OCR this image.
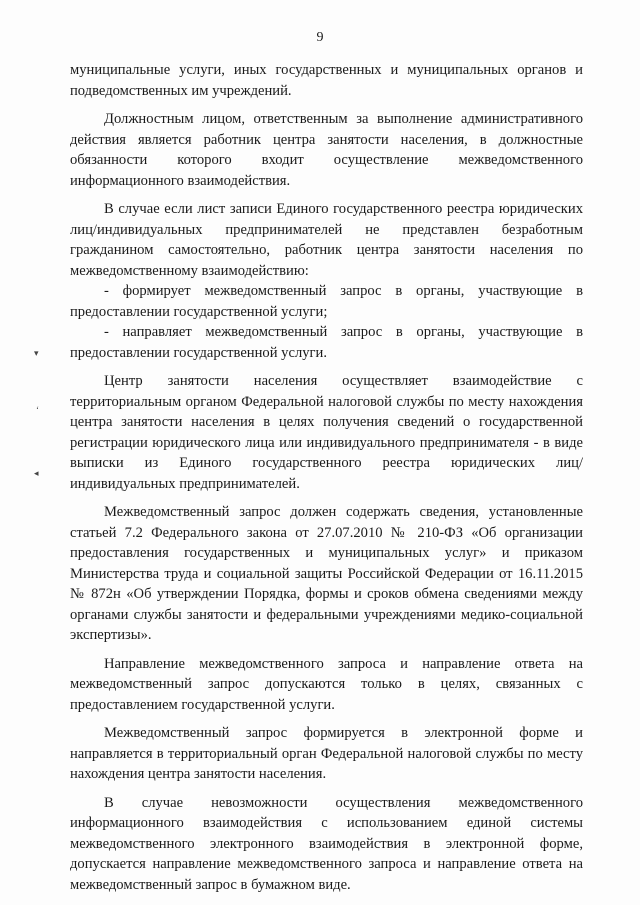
9
▾
ʻ
◂

муниципальные услуги, иных государственных и муниципальных органов и подведомственных им учреждений.

Должностным лицом, ответственным за выполнение административного действия является работник центра занятости населения, в должностные обязанности которого входит осуществление межведомственного информационного взаимодействия.

В случае если лист записи Единого государственного реестра юридических лиц/индивидуальных предпринимателей не представлен безработным гражданином самостоятельно, работник центра занятости населения по межведомственному взаимодействию:

- формирует межведомственный запрос в органы, участвующие в предоставлении государственной услуги;

- направляет межведомственный запрос в органы, участвующие в предоставлении государственной услуги.

Центр занятости населения осуществляет взаимодействие с территориальным органом Федеральной налоговой службы по месту нахождения центра занятости населения в целях получения сведений о государственной регистрации юридического лица или индивидуального предпринимателя - в виде выписки из Единого государственного реестра юридических лиц/индивидуальных предпринимателей.

Межведомственный запрос должен содержать сведения, установленные статьей 7.2 Федерального закона от 27.07.2010 № 210-ФЗ «Об организации предоставления государственных и муниципальных услуг» и приказом Министерства труда и социальной защиты Российской Федерации от 16.11.2015 № 872н «Об утверждении Порядка, формы и сроков обмена сведениями между органами службы занятости и федеральными учреждениями медико-социальной экспертизы».

Направление межведомственного запроса и направление ответа на межведомственный запрос допускаются только в целях, связанных с предоставлением государственной услуги.

Межведомственный запрос формируется в электронной форме и направляется в территориальный орган Федеральной налоговой службы по месту нахождения центра занятости населения.

В случае невозможности осуществления межведомственного информационного взаимодействия с использованием единой системы межведомственного электронного взаимодействия в электронной форме, допускается направление межведомственного запроса и направление ответа на межведомственный запрос в бумажном виде.
